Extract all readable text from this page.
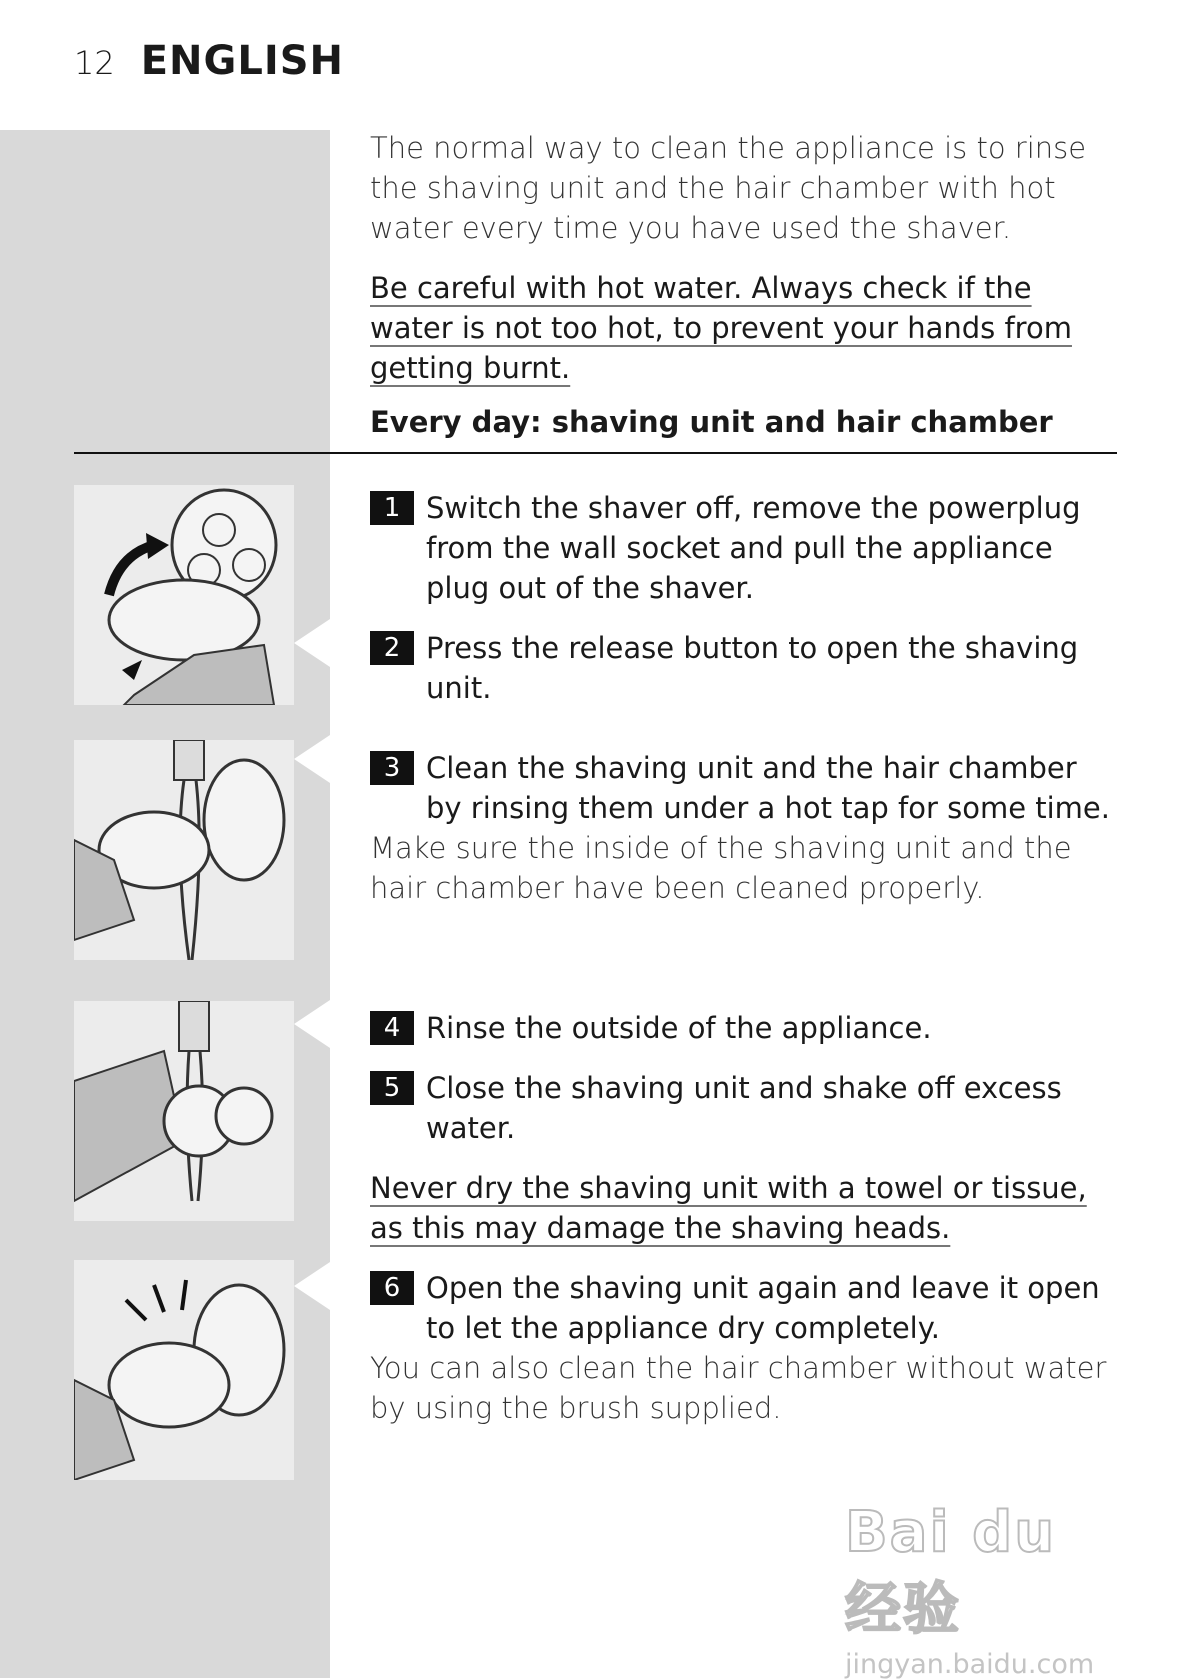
12 ENGLISH

The normal way to clean the appliance is to rinse the shaving unit and the hair chamber with hot water every time you have used the shaver.

Be careful with hot water. Always check if the water is not too hot, to prevent your hands from getting burnt.
Every day: shaving unit and hair chamber
1 Switch the shaver off, remove the powerplug from the wall socket and pull the appliance plug out of the shaver.
2 Press the release button to open the shaving unit.
3 Clean the shaving unit and the hair chamber by rinsing them under a hot tap for some time.

Make sure the inside of the shaving unit and the hair chamber have been cleaned properly.

4 Rinse the outside of the appliance.
5 Close the shaving unit and shake off excess water.
Never dry the shaving unit with a towel or tissue, as this may damage the shaving heads.
6 Open the shaving unit again and leave it open to let the appliance dry completely.

You can also clean the hair chamber without water by using the brush supplied.

Bai du 经验
jingyan.baidu.com
